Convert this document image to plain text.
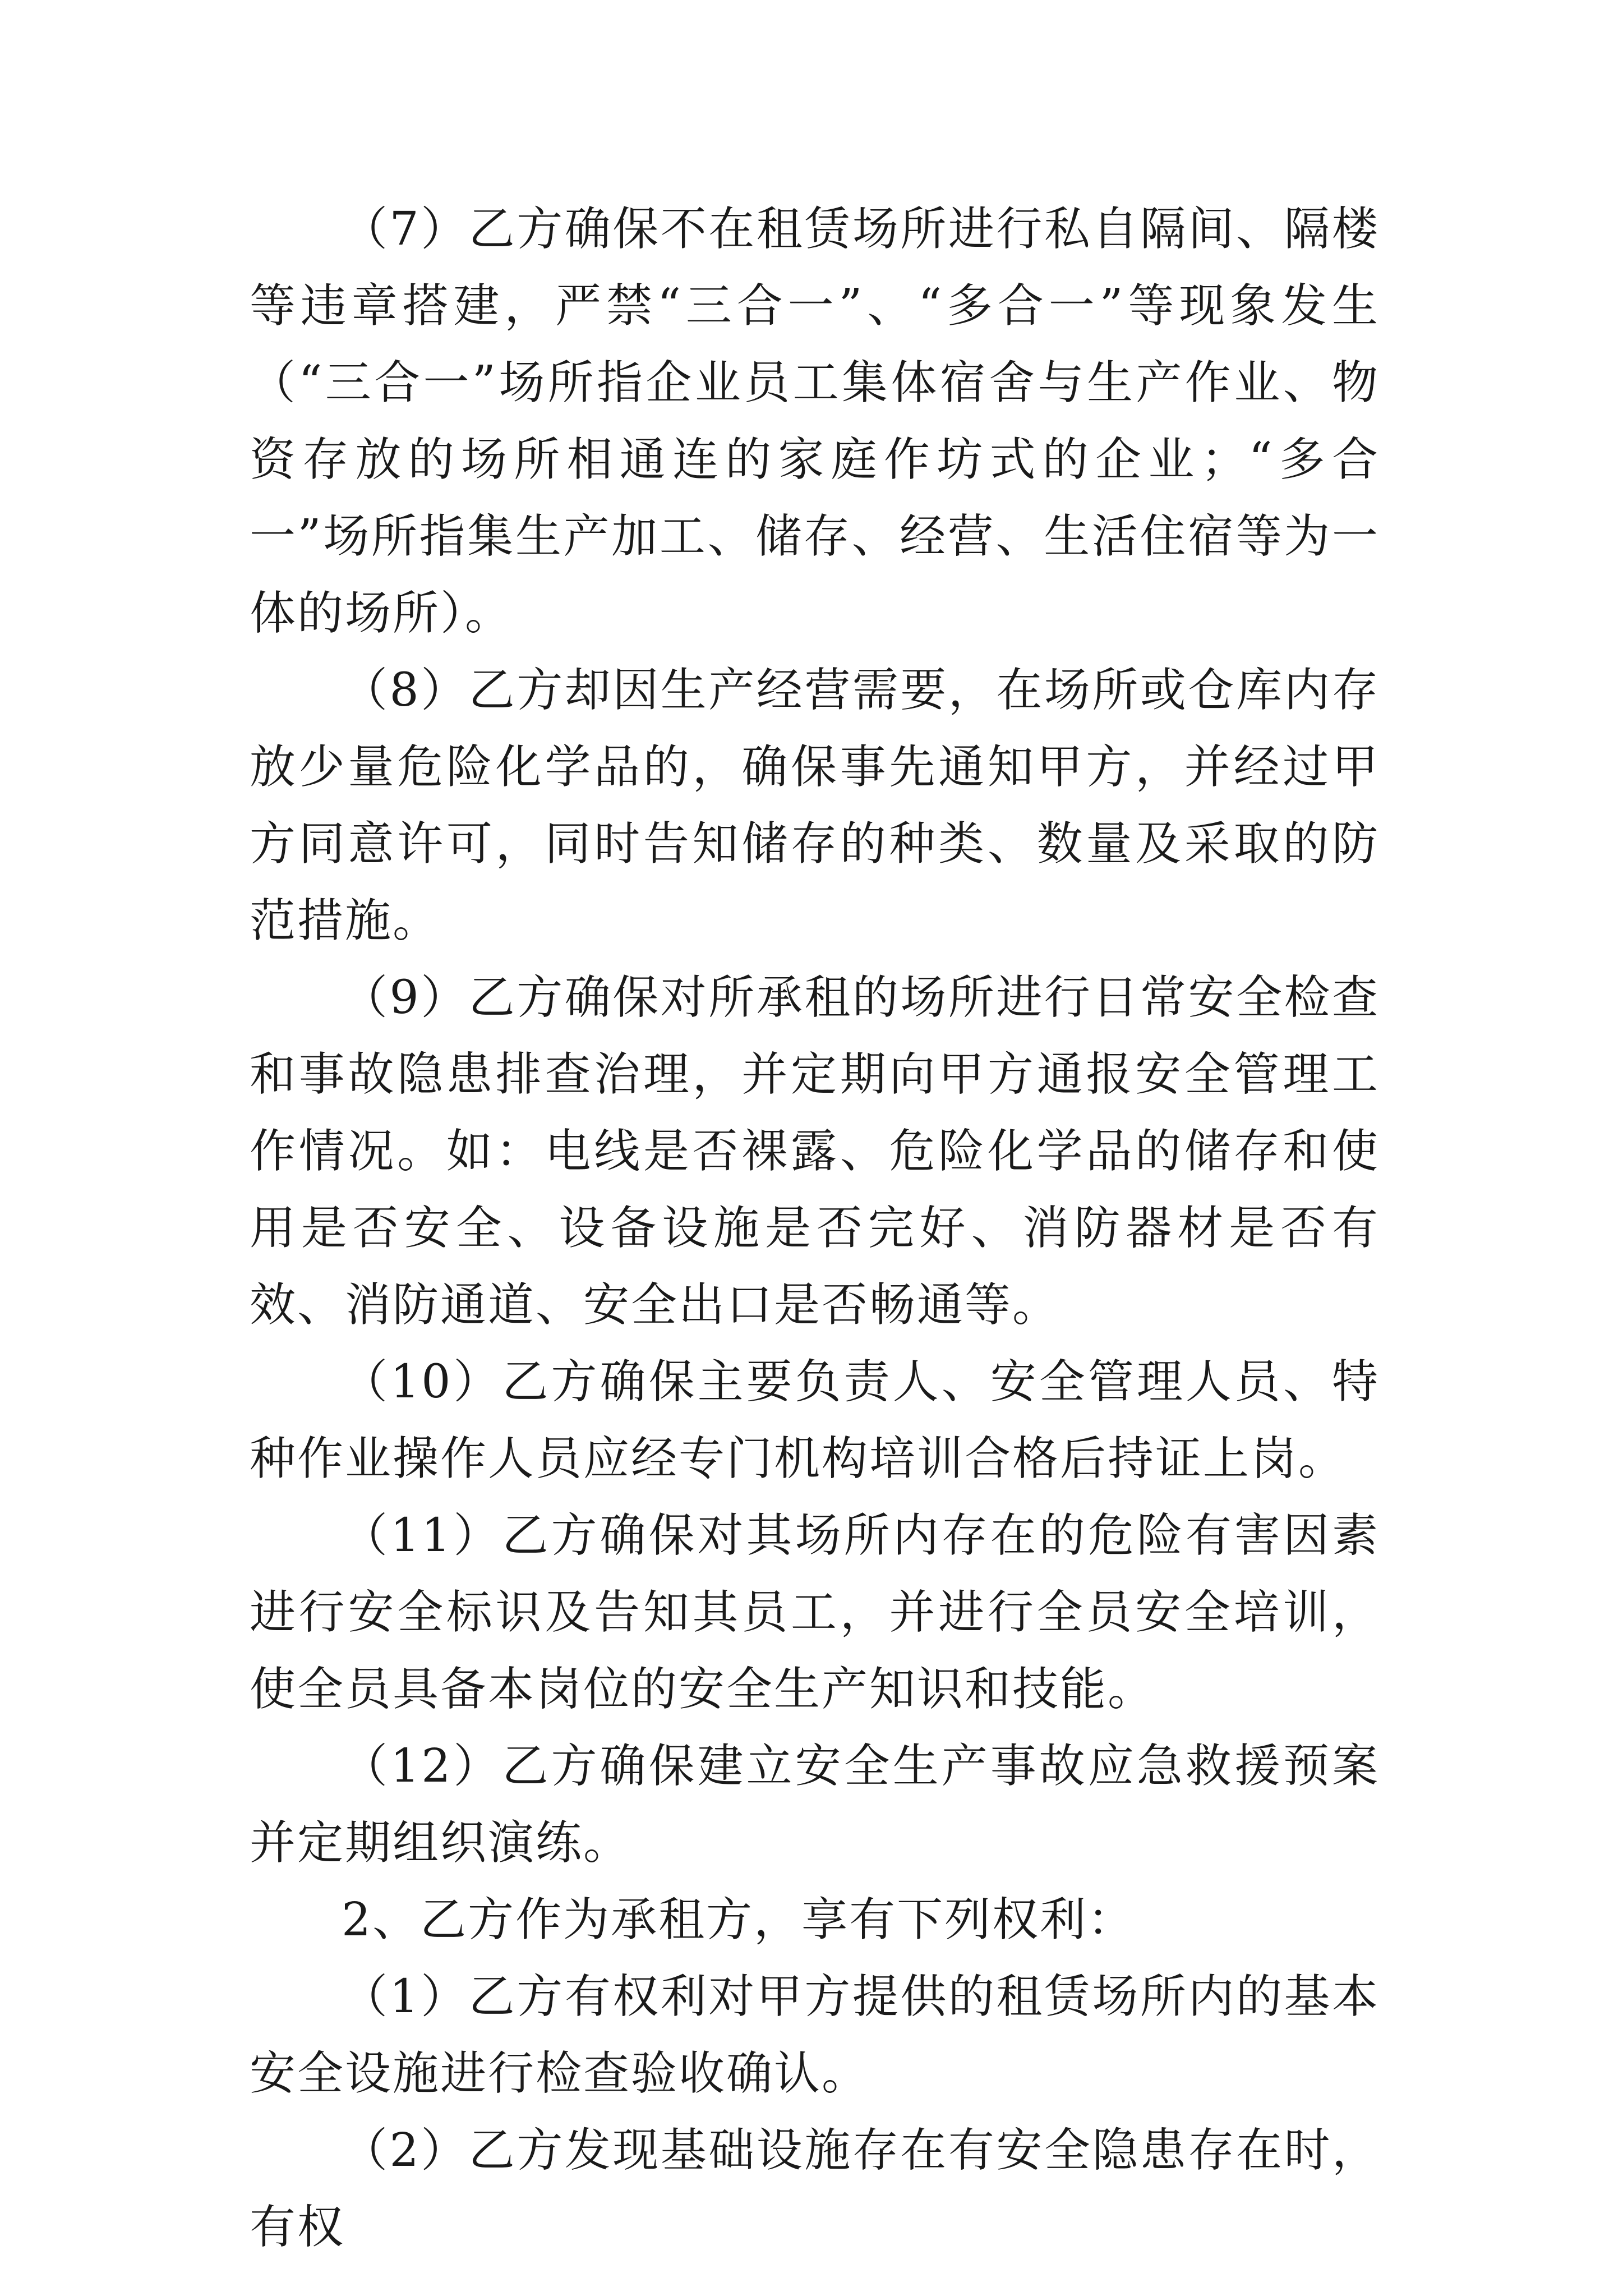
（7）乙方确保不在租赁场所进行私自隔间、隔楼等违章搭建，严禁“三合一”、“多合一”等现象发生（“三合一”场所指企业员工集体宿舍与生产作业、物资存放的场所相通连的家庭作坊式的企业；“多合一”场所指集生产加工、储存、经营、生活住宿等为一体的场所）。

（8）乙方却因生产经营需要，在场所或仓库内存放少量危险化学品的，确保事先通知甲方，并经过甲方同意许可，同时告知储存的种类、数量及采取的防范措施。

（9）乙方确保对所承租的场所进行日常安全检查和事故隐患排查治理，并定期向甲方通报安全管理工作情况。如：电线是否裸露、危险化学品的储存和使用是否安全、设备设施是否完好、消防器材是否有效、消防通道、安全出口是否畅通等。

（10）乙方确保主要负责人、安全管理人员、特种作业操作人员应经专门机构培训合格后持证上岗。

（11）乙方确保对其场所内存在的危险有害因素进行安全标识及告知其员工，并进行全员安全培训，使全员具备本岗位的安全生产知识和技能。

（12）乙方确保建立安全生产事故应急救援预案并定期组织演练。

2、乙方作为承租方，享有下列权利：

（1）乙方有权利对甲方提供的租赁场所内的基本安全设施进行检查验收确认。

（2）乙方发现基础设施存在有安全隐患存在时，有权
